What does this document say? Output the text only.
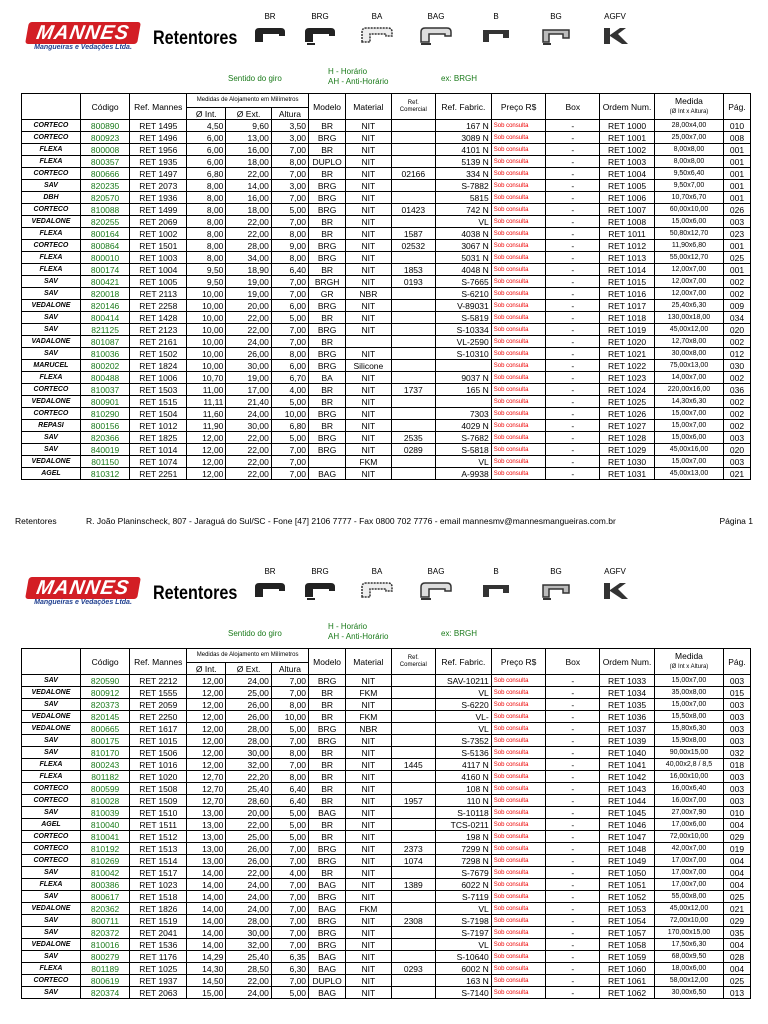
MANNES
Mangueiras e Vedações Ltda.	Retentores
BR	BRG	BA	BAG	B	BG	AGFV
Sentido do giro
H - Horário
AH - Anti-Horário	ex: BRGH
	Código	Ref. Mannes	Medidas de Alojamento em Milímetros			Modelo	Material	Ref. Comercial	Ref. Fabric.	Preço R$	Box	Ordem Num.	Medida
(Ø Int x Altura)	Pág.
			Ø Int.	Ø Ext.	Altura									
CORTECO	800890	RET 1495	4,50	9,60	3,50	BR	NIT		167 N	Sob consulta	-	RET 1000	28,00x4,00	010
CORTECO	800923	RET 1496	6,00	13,00	3,00	BRG	NIT		3089 N	Sob consulta	-	RET 1001	25,00x7,00	008
FLEXA	800008	RET 1956	6,00	16,00	7,00	BR	NIT		4101 N	Sob consulta	-	RET 1002	8,00x8,00	001
FLEXA	800357	RET 1935	6,00	18,00	8,00	DUPLO	NIT		5139 N	Sob consulta	-	RET 1003	8,00x8,00	001
CORTECO	800666	RET 1497	6,80	22,00	7,00	BR	NIT	02166	334 N	Sob consulta	-	RET 1004	9,50x6,40	001
SAV	820235	RET 2073	8,00	14,00	3,00	BRG	NIT		S-7882	Sob consulta	-	RET 1005	9,50x7,00	001
DBH	820570	RET 1936	8,00	16,00	7,00	BRG	NIT		5815	Sob consulta	-	RET 1006	10,70x6,70	001
CORTECO	810088	RET 1499	8,00	18,00	5,00	BRG	NIT	01423	742 N	Sob consulta	-	RET 1007	60,00x10,00	026
VEDALONE	820255	RET 2069	8,00	22,00	7,00	BR	NIT		VL	Sob consulta	-	RET 1008	15,00x6,00	003
FLEXA	800164	RET 1002	8,00	22,00	8,00	BR	NIT	1587	4038 N	Sob consulta	-	RET 1011	50,80x12,70	023
CORTECO	800864	RET 1501	8,00	28,00	9,00	BRG	NIT	02532	3067 N	Sob consulta	-	RET 1012	11,90x6,80	001
FLEXA	800010	RET 1003	8,00	34,00	8,00	BRG	NIT		5031 N	Sob consulta	-	RET 1013	55,00x12,70	025
FLEXA	800174	RET 1004	9,50	18,90	6,40	BR	NIT	1853	4048 N	Sob consulta	-	RET 1014	12,00x7,00	001
SAV	800421	RET 1005	9,50	19,00	7,00	BRGH	NIT	0193	S-7665	Sob consulta	-	RET 1015	12,00x7,00	002
SAV	820018	RET 2113	10,00	19,00	7,00	GR	NBR		S-6210	Sob consulta	-	RET 1016	12,00x7,00	002
VEDALONE	820146	RET 2258	10,00	20,00	6,00	BRG	NIT		V-89031	Sob consulta	-	RET 1017	25,40x6,30	009
SAV	800414	RET 1428	10,00	22,00	5,00	BR	NIT		S-5819	Sob consulta	-	RET 1018	130,00x18,00	034
SAV	821125	RET 2123	10,00	22,00	7,00	BRG	NIT		S-10334	Sob consulta	-	RET 1019	45,00x12,00	020
VADALONE	801087	RET 2161	10,00	24,00	7,00	BR			VL-2590	Sob consulta	-	RET 1020	12,70x8,00	002
SAV	810036	RET 1502	10,00	26,00	8,00	BRG	NIT		S-10310	Sob consulta	-	RET 1021	30,00x8,00	012
MARUCEL	800202	RET 1824	10,00	30,00	6,00	BRG	Silicone			Sob consulta	-	RET 1022	75,00x13,00	030
FLEXA	800488	RET 1006	10,70	19,00	6,70	BA	NIT		9037 N	Sob consulta	-	RET 1023	14,00x7,00	002
CORTECO	810037	RET 1503	11,00	17,00	4,00	BR	NIT	1737	165 N	Sob consulta	-	RET 1024	220,00x16,00	036
VEDALONE	800901	RET 1515	11,11	21,40	5,00	BR	NIT			Sob consulta	-	RET 1025	14,30x6,30	002
CORTECO	810290	RET 1504	11,60	24,00	10,00	BRG	NIT		7303	Sob consulta	-	RET 1026	15,00x7,00	002
REPASI	800156	RET 1012	11,90	30,00	6,80	BR	NIT		4029 N	Sob consulta	-	RET 1027	15,00x7,00	002
SAV	820366	RET 1825	12,00	22,00	5,00	BRG	NIT	2535	S-7682	Sob consulta	-	RET 1028	15,00x6,00	003
SAV	840019	RET 1014	12,00	22,00	7,00	BRG	NIT	0289	S-5818	Sob consulta	-	RET 1029	45,00x16,00	020
VEDALONE	801150	RET 1074	12,00	22,00	7,00		FKM		VL	Sob consulta	-	RET 1030	15,00x7,00	003
AGEL	810312	RET 2251	12,00	22,00	7,00	BAG	NIT		A-9938	Sob consulta	-	RET 1031	45,00x13,00	021
Retentores	R. João Planinscheck, 807 - Jaraguá do Sul/SC - Fone [47] 2106 7777 - Fax 0800 702 7776 - email mannesmv@mannesmangueiras.com.br	Página 1
MANNES
Mangueiras e Vedações Ltda.	Retentores
BR	BRG	BA	BAG	B	BG	AGFV
Sentido do giro
H - Horário
AH - Anti-Horário	ex: BRGH
	Código	Ref. Mannes	Medidas de Alojamento em Milímetros			Modelo	Material	Ref. Comercial	Ref. Fabric.	Preço R$	Box	Ordem Num.	Medida
(Ø Int x Altura)	Pág.
			Ø Int.	Ø Ext.	Altura									
SAV	820590	RET 2212	12,00	24,00	7,00	BRG	NIT		SAV-10211	Sob consulta	-	RET 1033	15,00x7,00	003
VEDALONE	800912	RET 1555	12,00	25,00	7,00	BR	FKM		VL	Sob consulta	-	RET 1034	35,00x8,00	015
SAV	820373	RET 2059	12,00	26,00	8,00	BR	NIT		S-6220	Sob consulta	-	RET 1035	15,00x7,00	003
VEDALONE	820145	RET 2250	12,00	26,00	10,00	BR	FKM		VL-	Sob consulta	-	RET 1036	15,50x8,00	003
VEDALONE	800665	RET 1617	12,00	28,00	5,00	BRG	NBR		VL	Sob consulta	-	RET 1037	15,80x6,30	003
SAV	800175	RET 1015	12,00	28,00	7,00	BRG	NIT		S-7352	Sob consulta	-	RET 1039	15,90x8,00	003
SAV	810170	RET 1506	12,00	30,00	8,00	BR	NIT		S-5136	Sob consulta	-	RET 1040	90,00x15,00	032
FLEXA	800243	RET 1016	12,00	32,00	7,00	BR	NIT	1445	4117 N	Sob consulta	-	RET 1041	40,00x2,8 / 8,5	018
FLEXA	801182	RET 1020	12,70	22,20	8,00	BR	NIT		4160 N	Sob consulta	-	RET 1042	16,00x10,00	003
CORTECO	800599	RET 1508	12,70	25,40	6,40	BR	NIT		108 N	Sob consulta	-	RET 1043	16,00x6,40	003
CORTECO	810028	RET 1509	12,70	28,60	6,40	BR	NIT	1957	110 N	Sob consulta	-	RET 1044	16,00x7,00	003
SAV	810039	RET 1510	13,00	20,00	5,00	BAG	NIT		S-10118	Sob consulta	-	RET 1045	27,00x7,90	010
AGEL	810040	RET 1511	13,00	22,00	5,00	BR	NIT		TCS-0211	Sob consulta	-	RET 1046	17,00x6,00	004
CORTECO	810041	RET 1512	13,00	25,00	5,00	BR	NIT		198 N	Sob consulta	-	RET 1047	72,00x10,00	029
CORTECO	810192	RET 1513	13,00	26,00	7,00	BRG	NIT	2373	7299 N	Sob consulta	-	RET 1048	42,00x7,00	019
CORTECO	810269	RET 1514	13,00	26,00	7,00	BRG	NIT	1074	7298 N	Sob consulta	-	RET 1049	17,00x7,00	004
SAV	810042	RET 1517	14,00	22,00	4,00	BR	NIT		S-7679	Sob consulta	-	RET 1050	17,00x7,00	004
FLEXA	800386	RET 1023	14,00	24,00	7,00	BAG	NIT	1389	6022 N	Sob consulta	-	RET 1051	17,00x7,00	004
SAV	800617	RET 1518	14,00	24,00	7,00	BRG	NIT		S-7119	Sob consulta	-	RET 1052	55,00x8,00	025
VEDALONE	820362	RET 1826	14,00	24,00	7,00	BAG	FKM		VL	Sob consulta	-	RET 1053	45,00x12,00	021
SAV	800711	RET 1519	14,00	28,00	7,00	BRG	NIT	2308	S-7198	Sob consulta	-	RET 1054	72,00x10,00	029
SAV	820372	RET 2041	14,00	30,00	7,00	BRG	NIT		S-7197	Sob consulta	-	RET 1057	170,00x15,00	035
VEDALONE	810016	RET 1536	14,00	32,00	7,00	BRG	NIT		VL	Sob consulta	-	RET 1058	17,50x6,30	004
SAV	800279	RET 1176	14,29	25,40	6,35	BAG	NIT		S-10640	Sob consulta	-	RET 1059	68,00x9,50	028
FLEXA	801189	RET 1025	14,30	28,50	6,30	BAG	NIT	0293	6002 N	Sob consulta	-	RET 1060	18,00x6,00	004
CORTECO	800619	RET 1937	14,50	22,00	7,00	DUPLO	NIT		163 N	Sob consulta	-	RET 1061	58,00x12,00	025
SAV	820374	RET 2063	15,00	24,00	5,00	BAG	NIT		S-7140	Sob consulta	-	RET 1062	30,00x6,50	013
